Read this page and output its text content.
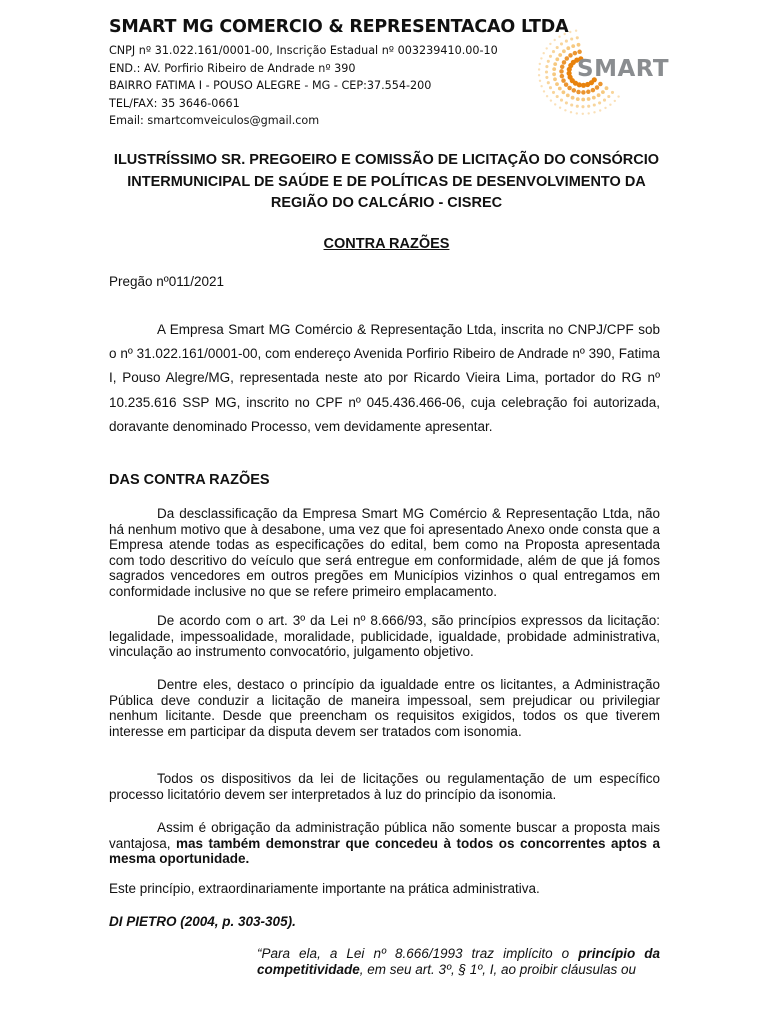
SMART MG COMERCIO & REPRESENTACAO LTDA
CNPJ nº 31.022.161/0001-00, Inscrição Estadual nº 003239410.00-10
END.: AV. Porfirio Ribeiro de Andrade nº 390
BAIRRO FATIMA I - POUSO ALEGRE - MG - CEP:37.554-200
TEL/FAX: 35 3646-0661
Email: smartcomveiculos@gmail.com
SMART
ILUSTRÍSSIMO SR. PREGOEIRO E COMISSÃO DE LICITAÇÃO DO CONSÓRCIO
INTERMUNICIPAL DE SAÚDE E DE POLÍTICAS DE DESENVOLVIMENTO DA
REGIÃO DO CALCÁRIO - CISREC
CONTRA RAZÕES
Pregão nº011/2021
A Empresa Smart MG Comércio & Representação Ltda, inscrita no CNPJ/CPF sob o nº 31.022.161/0001-00, com endereço Avenida Porfirio Ribeiro de Andrade nº 390, Fatima I, Pouso Alegre/MG, representada neste ato por Ricardo Vieira Lima, portador do RG nº 10.235.616 SSP MG, inscrito no CPF nº 045.436.466-06, cuja celebração foi autorizada, doravante denominado Processo, vem devidamente apresentar.
DAS CONTRA RAZÕES

Da desclassificação da Empresa Smart MG Comércio & Representação Ltda, não há nenhum motivo que à desabone, uma vez que foi apresentado Anexo onde consta que a Empresa atende todas as especificações do edital, bem como na Proposta apresentada com todo descritivo do veículo que será entregue em conformidade, além de que já fomos sagrados vencedores em outros pregões em Municípios vizinhos o qual entregamos em conformidade inclusive no que se refere primeiro emplacamento.

De acordo com o art. 3º da Lei nº 8.666/93, são princípios expressos da licitação: legalidade, impessoalidade, moralidade, publicidade, igualdade, probidade administrativa, vinculação ao instrumento convocatório, julgamento objetivo.

Dentre eles, destaco o princípio da igualdade entre os licitantes, a Administração Pública deve conduzir a licitação de maneira impessoal, sem prejudicar ou privilegiar nenhum licitante. Desde que preencham os requisitos exigidos, todos os que tiverem interesse em participar da disputa devem ser tratados com isonomia.

Todos os dispositivos da lei de licitações ou regulamentação de um específico processo licitatório devem ser interpretados à luz do princípio da isonomia.

Assim é obrigação da administração pública não somente buscar a proposta mais vantajosa, mas também demonstrar que concedeu à todos os concorrentes aptos a mesma oportunidade.

Este princípio, extraordinariamente importante na prática administrativa.

DI PIETRO (2004, p. 303-305).

“Para ela, a Lei nº 8.666/1993 traz implícito o princípio da competitividade, em seu art. 3º, § 1º, I, ao proibir cláusulas ou
